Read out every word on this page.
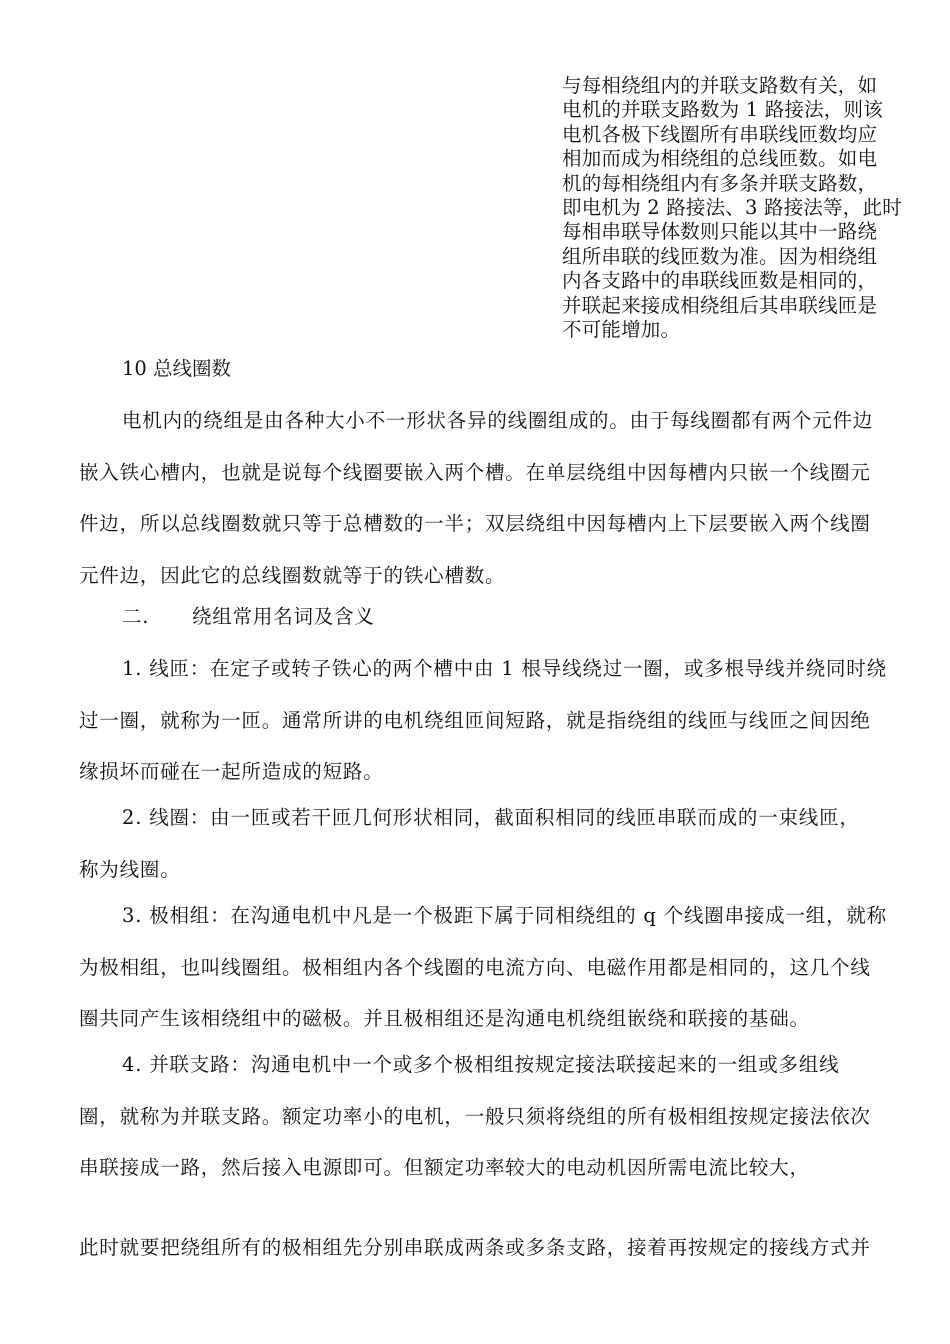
与每相绕组内的并联支路数有关，如
电机的并联支路数为 1 路接法，则该
电机各极下线圈所有串联线匝数均应
相加而成为相绕组的总线匝数。如电
机的每相绕组内有多条并联支路数，
即电机为 2 路接法、3 路接法等，此时
每相串联导体数则只能以其中一路绕
组所串联的线匝数为准。因为相绕组
内各支路中的串联线匝数是相同的，
并联起来接成相绕组后其串联线匝是
不可能增加。
10 总线圈数
电机内的绕组是由各种大小不一形状各异的线圈组成的。由于每线圈都有两个元件边
嵌入铁心槽内，也就是说每个线圈要嵌入两个槽。在单层绕组中因每槽内只嵌一个线圈元
件边，所以总线圈数就只等于总槽数的一半；双层绕组中因每槽内上下层要嵌入两个线圈
元件边，因此它的总线圈数就等于的铁心槽数。
二. 绕组常用名词及含义
1. 线匝：在定子或转子铁心的两个槽中由 1 根导线绕过一圈，或多根导线并绕同时绕
过一圈，就称为一匝。通常所讲的电机绕组匝间短路，就是指绕组的线匝与线匝之间因绝
缘损坏而碰在一起所造成的短路。
2. 线圈：由一匝或若干匝几何形状相同，截面积相同的线匝串联而成的一束线匝，
称为线圈。
3. 极相组：在沟通电机中凡是一个极距下属于同相绕组的 q 个线圈串接成一组，就称
为极相组，也叫线圈组。极相组内各个线圈的电流方向、电磁作用都是相同的，这几个线
圈共同产生该相绕组中的磁极。并且极相组还是沟通电机绕组嵌绕和联接的基础。
4. 并联支路：沟通电机中一个或多个极相组按规定接法联接起来的一组或多组线
圈，就称为并联支路。额定功率小的电机，一般只须将绕组的所有极相组按规定接法依次
串联接成一路，然后接入电源即可。但额定功率较大的电动机因所需电流比较大，
此时就要把绕组所有的极相组先分别串联成两条或多条支路，接着再按规定的接线方式并
